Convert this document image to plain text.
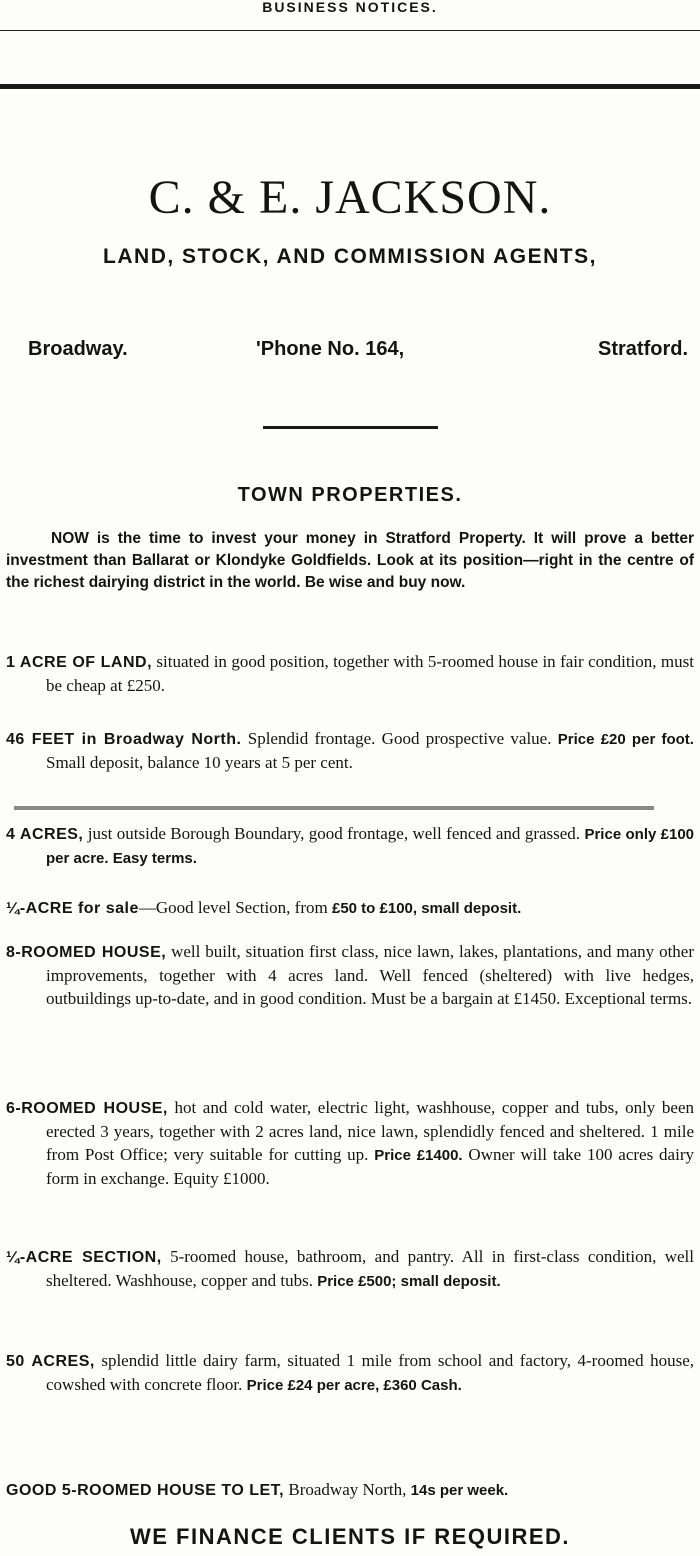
BUSINESS NOTICES.
C. & E. JACKSON.
LAND, STOCK, AND COMMISSION AGENTS,
Broadway.	'Phone No. 164,	Stratford.
TOWN PROPERTIES.
NOW is the time to invest your money in Stratford Property. It will prove a better investment than Ballarat or Klondyke Goldfields. Look at its position—right in the centre of the richest dairying district in the world. Be wise and buy now.
1 ACRE OF LAND, situated in good position, together with 5-roomed house in fair condition, must be cheap at £250.
46 FEET in Broadway North. Splendid frontage. Good prospective value. Price £20 per foot. Small deposit, balance 10 years at 5 per cent.
4 ACRES, just outside Borough Boundary, good frontage, well fenced and grassed. Price only £100 per acre. Easy terms.
¼-ACRE for sale—Good level Section, from £50 to £100, small deposit.
8-ROOMED HOUSE, well built, situation first class, nice lawn, lakes, plantations, and many other improvements, together with 4 acres land. Well fenced (sheltered) with live hedges, outbuildings up-to-date, and in good condition. Must be a bargain at £1450. Exceptional terms.
6-ROOMED HOUSE, hot and cold water, electric light, washhouse, copper and tubs, only been erected 3 years, together with 2 acres land, nice lawn, splendidly fenced and sheltered. 1 mile from Post Office; very suitable for cutting up. Price £1400. Owner will take 100 acres dairy form in exchange. Equity £1000.
¼-ACRE SECTION, 5-roomed house, bathroom, and pantry. All in first-class condition, well sheltered. Washhouse, copper and tubs. Price £500; small deposit.
50 ACRES, splendid little dairy farm, situated 1 mile from school and factory, 4-roomed house, cowshed with concrete floor. Price £24 per acre, £360 Cash.
GOOD 5-ROOMED HOUSE TO LET, Broadway North, 14s per week.
WE FINANCE CLIENTS IF REQUIRED.
